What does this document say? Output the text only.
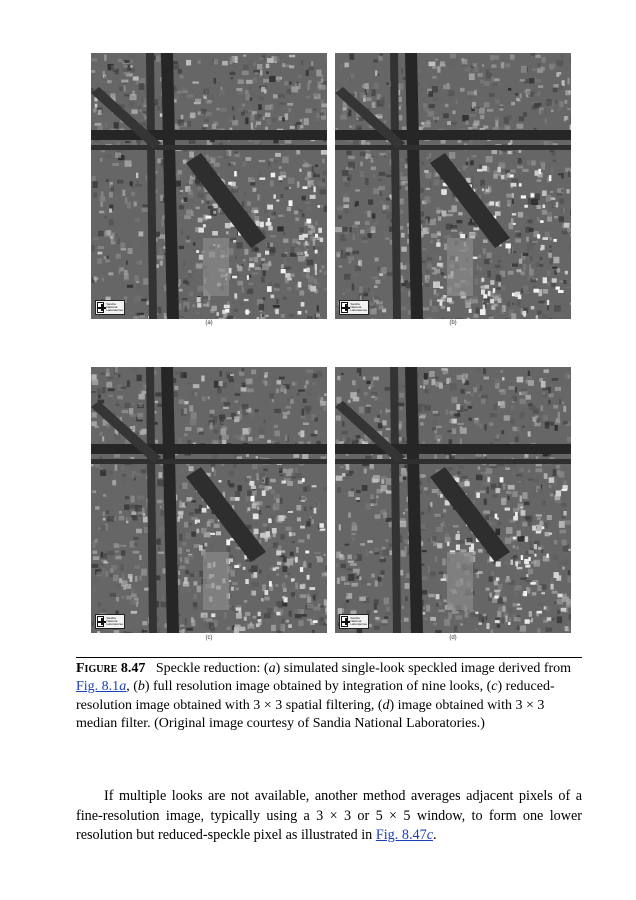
Sandia
National
Laboratories
(a)
Sandia
National
Laboratories
(b)
Sandia
National
Laboratories
(c)
Sandia
National
Laboratories
(d)
Figure 8.47 Speckle reduction: (a) simulated single-look speckled image derived from Fig. 8.1a, (b) full resolution image obtained by integration of nine looks, (c) reduced-resolution image obtained with 3 × 3 spatial filtering, (d) image obtained with 3 × 3 median filter. (Original image courtesy of Sandia National Laboratories.)
If multiple looks are not available, another method averages adjacent pixels of a fine-resolution image, typically using a 3 × 3 or 5 × 5 window, to form one lower resolution but reduced-speckle pixel as illustrated in Fig. 8.47c.
